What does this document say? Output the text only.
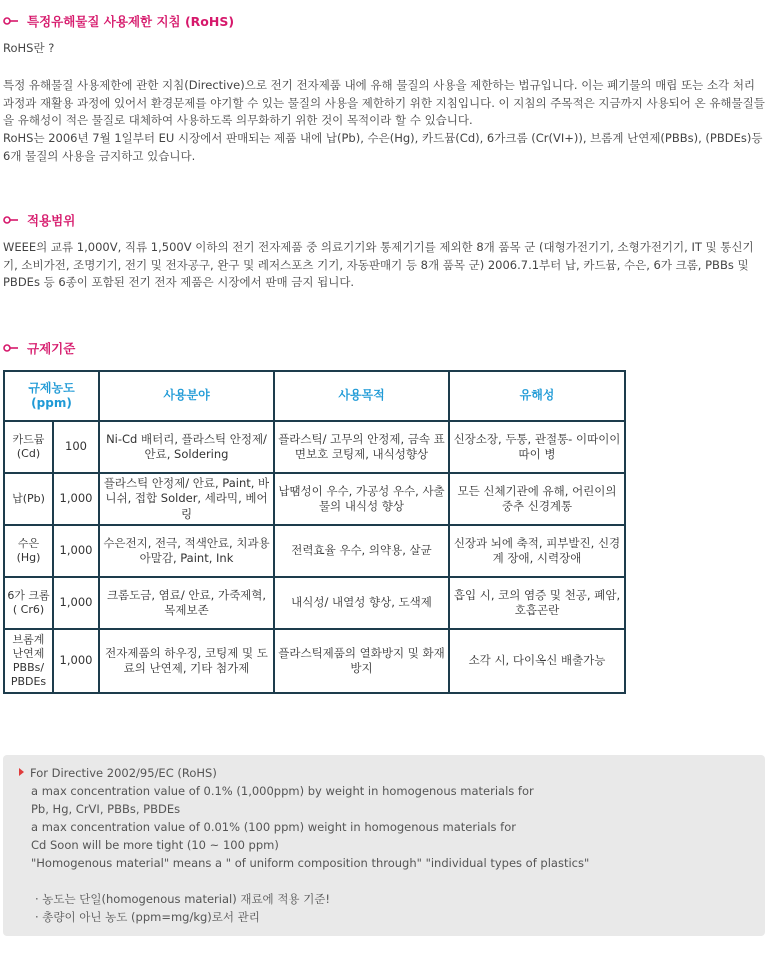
특정유해물질 사용제한 지침 (RoHS)

RoHS란 ?

특정 유해물질 사용제한에 관한 지침(Directive)으로 전기 전자제품 내에 유해 물질의 사용을 제한하는 법규입니다. 이는 폐기물의 매립 또는 소각 처리과정과 재활용 과정에 있어서 환경문제를 야기할 수 있는 물질의 사용을 제한하기 위한 지침입니다. 이 지침의 주목적은 지금까지 사용되어 온 유해물질들을 유해성이 적은 물질로 대체하여 사용하도록 의무화하기 위한 것이 목적이라 할 수 있습니다.

RoHS는 2006년 7월 1일부터 EU 시장에서 판매되는 제품 내에 납(Pb), 수은(Hg), 카드뮴(Cd), 6가크롬 (Cr(VI+)), 브롬계 난연제(PBBs), (PBDEs)등 6개 물질의 사용을 금지하고 있습니다.

적용범위

WEEE의 교류 1,000V, 직류 1,500V 이하의 전기 전자제품 중 의료기기와 통제기기를 제외한 8개 품목 군 (대형가전기기, 소형가전기기, IT 및 통신기기, 소비가전, 조명기기, 전기 및 전자공구, 완구 및 레저스포츠 기기, 자동판매기 등 8개 품목 군) 2006.7.1부터 납, 카드뮴, 수은, 6가 크롬, PBBs 및 PBDEs 등 6종이 포함된 전기 전자 제품은 시장에서 판매 금지 됩니다.

규제기준
규제농도(ppm)		사용분야	사용목적	유해성
카드뮴(Cd)	100	Ni-Cd 배터리, 플라스틱 안정제/ 안료, Soldering	플라스틱/ 고무의 안정제, 금속 표면보호 코팅제, 내식성향상	신장소장, 두통, 관절통- 이따이이따이 병
납(Pb)	1,000	플라스틱 안정제/ 안료, Paint, 바니쉬, 접합 Solder, 세라믹, 베어링	납땜성이 우수, 가공성 우수, 사출물의 내식성 향상	모든 신체기관에 유해, 어린이의 중추 신경계통
수은(Hg)	1,000	수은전지, 전극, 적색안료, 치과용 아말감, Paint, Ink	전력효율 우수, 의약용, 살균	신장과 뇌에 축적, 피부발진, 신경계 장애, 시력장애
6가 크롬( Cr6)	1,000	크롬도금, 염료/ 안료, 가죽제혁, 목제보존	내식성/ 내열성 향상, 도색제	흡입 시, 코의 염증 및 천공, 폐암, 호흡곤란
브롬계 난연제 PBBs/ PBDEs	1,000	전자제품의 하우징, 코팅제 및 도료의 난연제, 기타 첨가제	플라스틱제품의 열화방지 및 화재방지	소각 시, 다이옥신 배출가능
For Directive 2002/95/EC (RoHS)
a max concentration value of 0.1% (1,000ppm) by weight in homogenous materials for
Pb, Hg, CrVI, PBBs, PBDEs
a max concentration value of 0.01% (100 ppm) weight in homogenous materials for
Cd Soon will be more tight (10 ~ 100 ppm)
"Homogenous material" means a " of uniform composition through" "individual types of plastics"
· 농도는 단일(homogenous material) 재료에 적용 기준!
· 총량이 아닌 농도 (ppm=mg/kg)로서 관리
